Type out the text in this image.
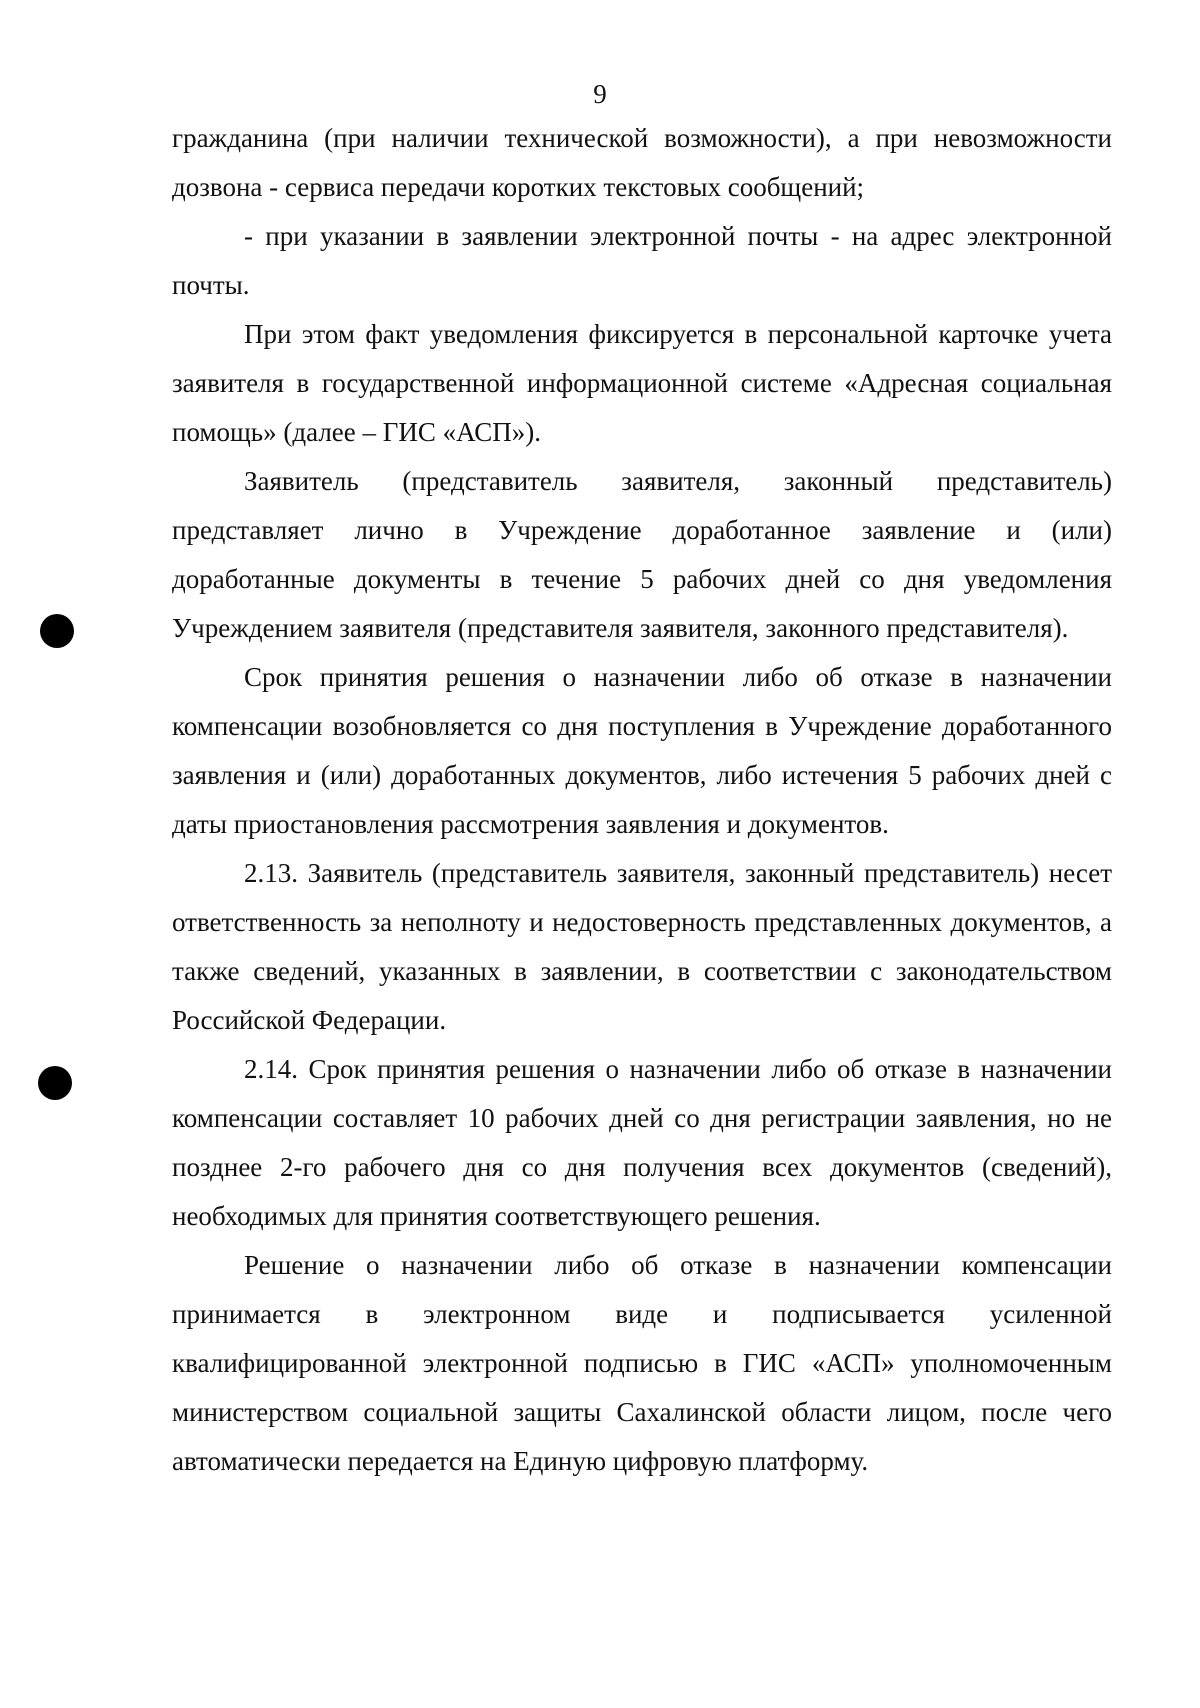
9

гражданина (при наличии технической возможности), а при невозможности дозвона - сервиса передачи коротких текстовых сообщений;

- при указании в заявлении электронной почты - на адрес электронной почты.

При этом факт уведомления фиксируется в персональной карточке учета заявителя в государственной информационной системе «Адресная социальная помощь» (далее – ГИС «АСП»).

Заявитель (представитель заявителя, законный представитель) представляет лично в Учреждение доработанное заявление и (или) доработанные документы в течение 5 рабочих дней со дня уведомления Учреждением заявителя (представителя заявителя, законного представителя).

Срок принятия решения о назначении либо об отказе в назначении компенсации возобновляется со дня поступления в Учреждение доработанного заявления и (или) доработанных документов, либо истечения 5 рабочих дней с даты приостановления рассмотрения заявления и документов.

2.13. Заявитель (представитель заявителя, законный представитель) несет ответственность за неполноту и недостоверность представленных документов, а также сведений, указанных в заявлении, в соответствии с законодательством Российской Федерации.

2.14. Срок принятия решения о назначении либо об отказе в назначении компенсации составляет 10 рабочих дней со дня регистрации заявления, но не позднее 2-го рабочего дня со дня получения всех документов (сведений), необходимых для принятия соответствующего решения.

Решение о назначении либо об отказе в назначении компенсации принимается в электронном виде и подписывается усиленной квалифицированной электронной подписью в ГИС «АСП» уполномоченным министерством социальной защиты Сахалинской области лицом, после чего автоматически передается на Единую цифровую платформу.
